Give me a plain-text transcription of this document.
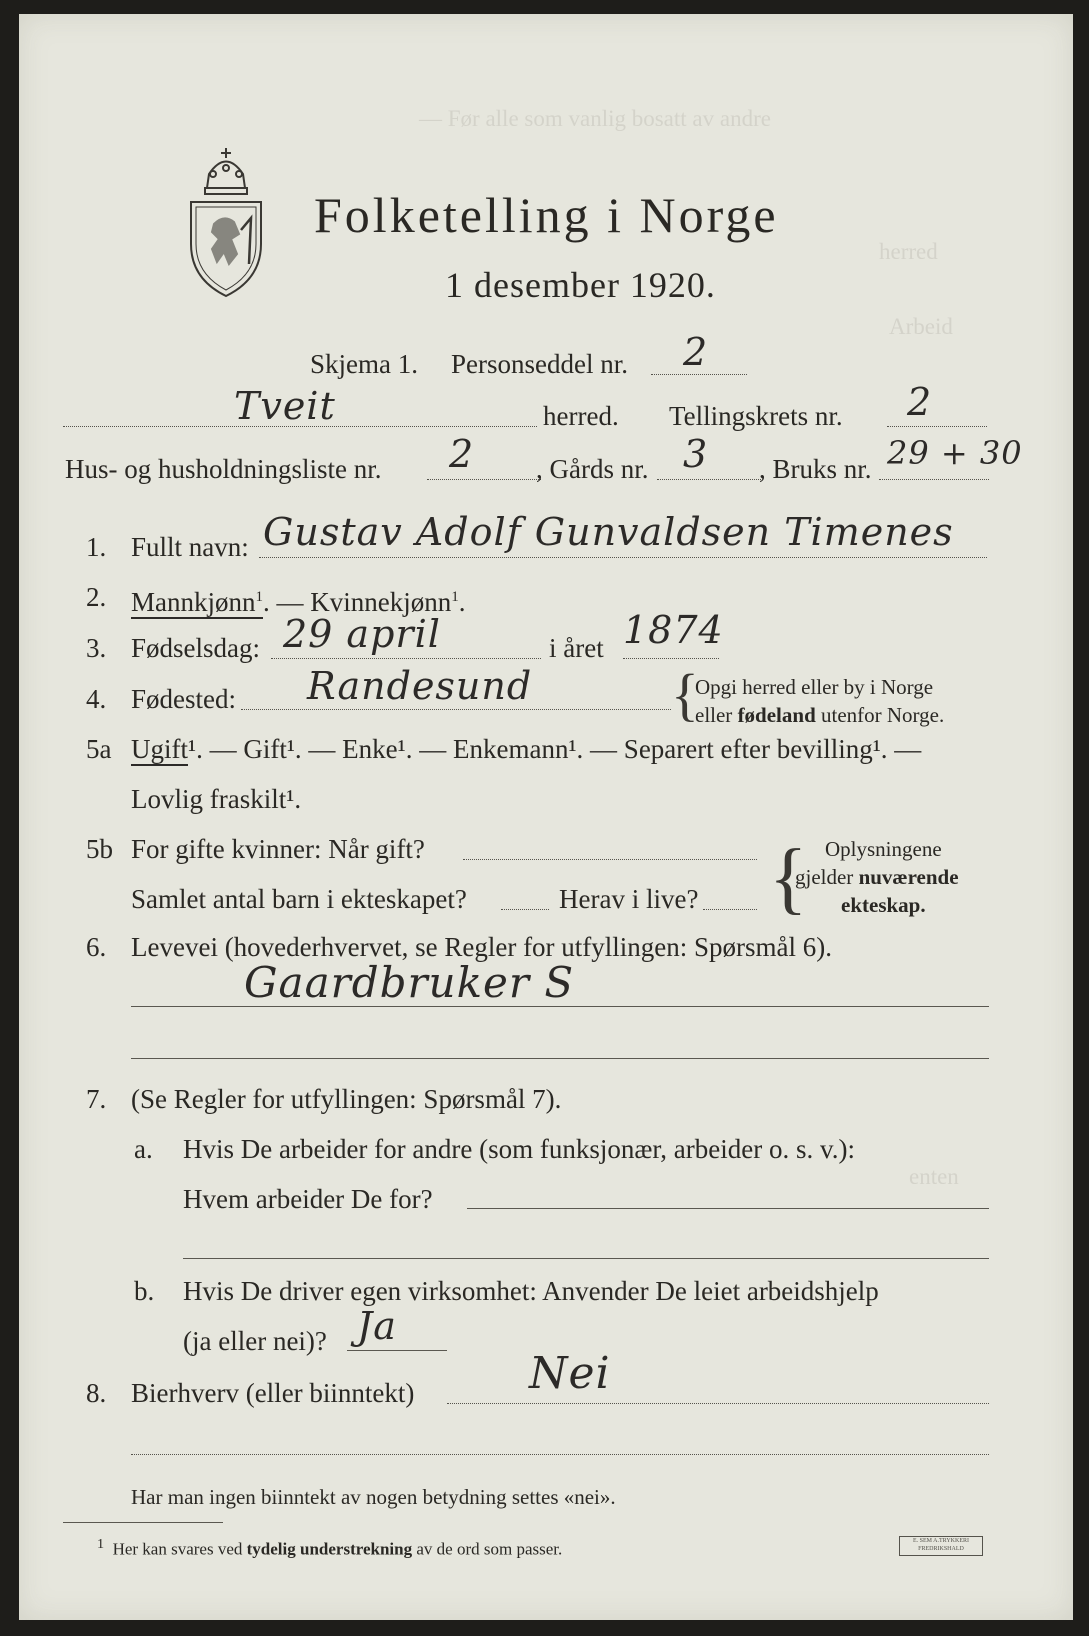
— Før alle som vanlig bosatt av andre
herred
Arbeid
enten
Folketelling i Norge
1 desember 1920.
Skjema 1. Personseddel nr. 2
Tveit	herred. Tellingskrets nr. 2
Hus- og husholdningsliste nr. 2 , Gårds nr. 3 , Bruks nr. 29 + 30
1. Fullt navn: Gustav Adolf Gunvaldsen Timenes
2. Mannkjønn$^1$. — Kvinnekjønn$^1$.
3. Fødselsdag: 29 april	i året 1874
4. Fødested: Randesund {
Opgi herred eller by i Norge
eller fødeland utenfor Norge.
5a Ugift¹. — Gift¹. — Enke¹. — Enkemann¹. — Separert efter bevilling¹. —
Lovlig fraskilt¹.
5b For gifte kvinner: Når gift?
Samlet antal barn i ekteskapet?	Herav i live? { Oplysningene
gjelder nuværende
ekteskap.
6. Levevei (hovederhvervet, se Regler for utfyllingen: Spørsmål 6).
Gaardbruker S
7. (Se Regler for utfyllingen: Spørsmål 7).
a. Hvis De arbeider for andre (som funksjonær, arbeider o. s. v.):
Hvem arbeider De for?
b. Hvis De driver egen virksomhet: Anvender De leiet arbeidshjelp
(ja eller nei)? Ja
8. Bierhverv (eller biinntekt)	Nei
Har man ingen biinntekt av nogen betydning settes «nei».
$^1$ Her kan svares ved tydelig understrekning av de ord som passer.	E. SEM A.TRYKKERI FREDRIKSHALD
